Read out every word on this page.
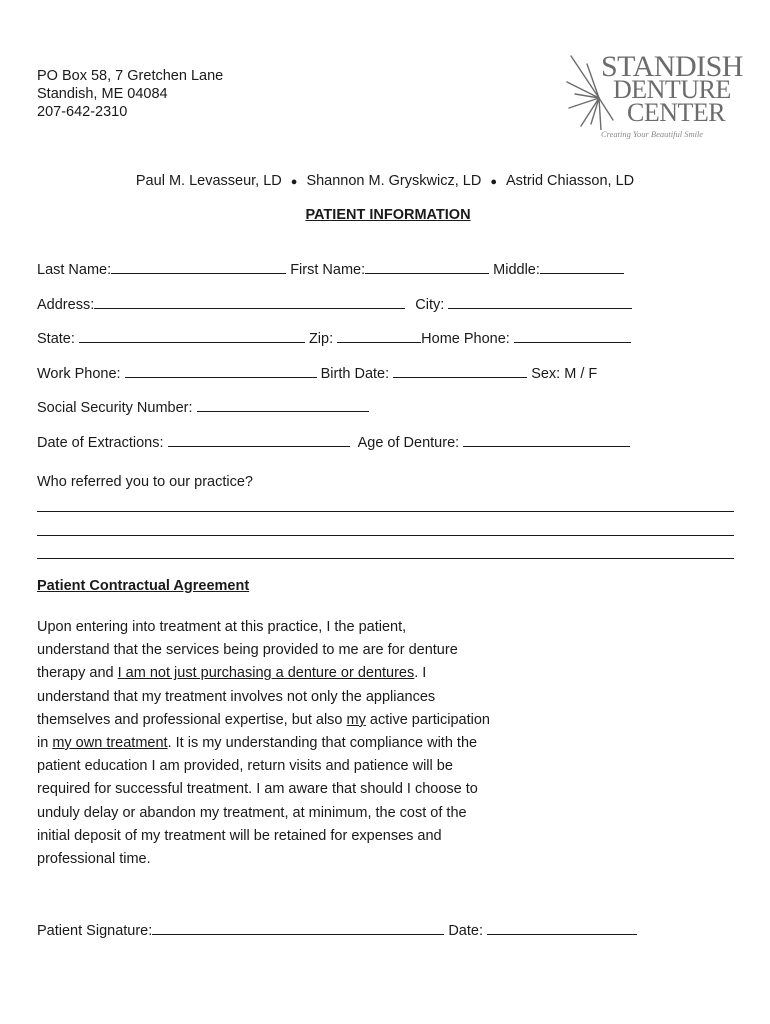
PO Box 58, 7 Gretchen Lane
Standish, ME 04084
207-642-2310
STANDISH
DENTURE
CENTER
Creating Your Beautiful Smile
Paul M. Levasseur, LD ● Shannon M. Gryskwicz, LD ● Astrid Chiasson, LD
PATIENT INFORMATION
Last Name:	First Name:	Middle:
Address:	City:
State:	Zip:	Home Phone:
Work Phone:	Birth Date:	Sex: M / F
Social Security Number:
Date of Extractions:	Age of Denture:
Who referred you to our practice?
Patient Contractual Agreement
Upon entering into treatment at this practice, I the patient,
understand that the services being provided to me are for denture
therapy and I am not just purchasing a denture or dentures. I
understand that my treatment involves not only the appliances
themselves and professional expertise, but also my active participation
in my own treatment. It is my understanding that compliance with the
patient education I am provided, return visits and patience will be
required for successful treatment. I am aware that should I choose to
unduly delay or abandon my treatment, at minimum, the cost of the
initial deposit of my treatment will be retained for expenses and
professional time.
Patient Signature:	Date:
